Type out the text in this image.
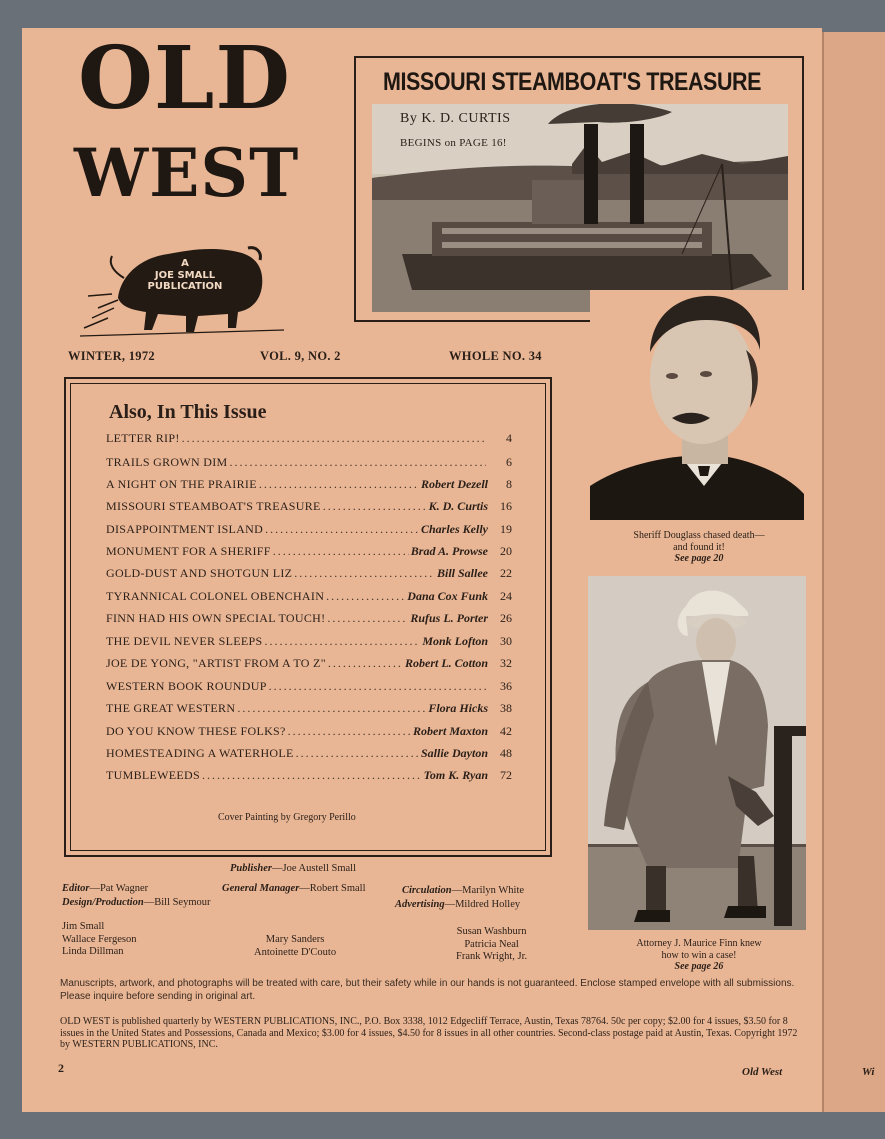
Wi
OLD
WEST
A
JOE SMALL
PUBLICATION
MISSOURI STEAMBOAT'S TREASURE
By K. D. CURTIS
BEGINS on PAGE 16!
WINTER, 1972	VOL. 9, NO. 2	WHOLE NO. 34
Also, In This Issue
LETTER RIP! .....	4
TRAILS GROWN DIM .....	6
A NIGHT ON THE PRAIRIE .....	Robert Dezell	8
MISSOURI STEAMBOAT'S TREASURE .....	K. D. Curtis	16
DISAPPOINTMENT ISLAND .....	Charles Kelly	19
MONUMENT FOR A SHERIFF .....	Brad A. Prowse	20
GOLD-DUST AND SHOTGUN LIZ .....	Bill Sallee	22
TYRANNICAL COLONEL OBENCHAIN .....	Dana Cox Funk	24
FINN HAD HIS OWN SPECIAL TOUCH! .....	Rufus L. Porter	26
THE DEVIL NEVER SLEEPS .....	Monk Lofton	30
JOE DE YONG, "ARTIST FROM A TO Z" .....	Robert L. Cotton	32
WESTERN BOOK ROUNDUP .....	36
THE GREAT WESTERN .....	Flora Hicks	38
DO YOU KNOW THESE FOLKS? .....	Robert Maxton	42
HOMESTEADING A WATERHOLE .....	Sallie Dayton	48
TUMBLEWEEDS .....	Tom K. Ryan	72
Cover Painting by Gregory Perillo
Publisher—Joe Austell Small
Editor—Pat Wagner	General Manager—Robert Small	Circulation—Marilyn White
Design/Production—Bill Seymour	Advertising—Mildred Holley
Jim Small
Wallace Fergeson
Linda Dillman
Mary Sanders
Antoinette D'Couto
Susan Washburn
Patricia Neal
Frank Wright, Jr.
Sheriff Douglass chased death—
and found it!
See page 20
Attorney J. Maurice Finn knew
how to win a case!
See page 26
Manuscripts, artwork, and photographs will be treated with care, but their safety while in our hands is not guaranteed. Enclose stamped envelope with all submissions. Please inquire before sending in original art.
OLD WEST is published quarterly by WESTERN PUBLICATIONS, INC., P.O. Box 3338, 1012 Edgecliff Terrace, Austin, Texas 78764. 50c per copy; $2.00 for 4 issues, $3.50 for 8 issues in the United States and Possessions, Canada and Mexico; $3.00 for 4 issues, $4.50 for 8 issues in all other countries. Second-class postage paid at Austin, Texas. Copyright 1972 by WESTERN PUBLICATIONS, INC.
2	Old West
